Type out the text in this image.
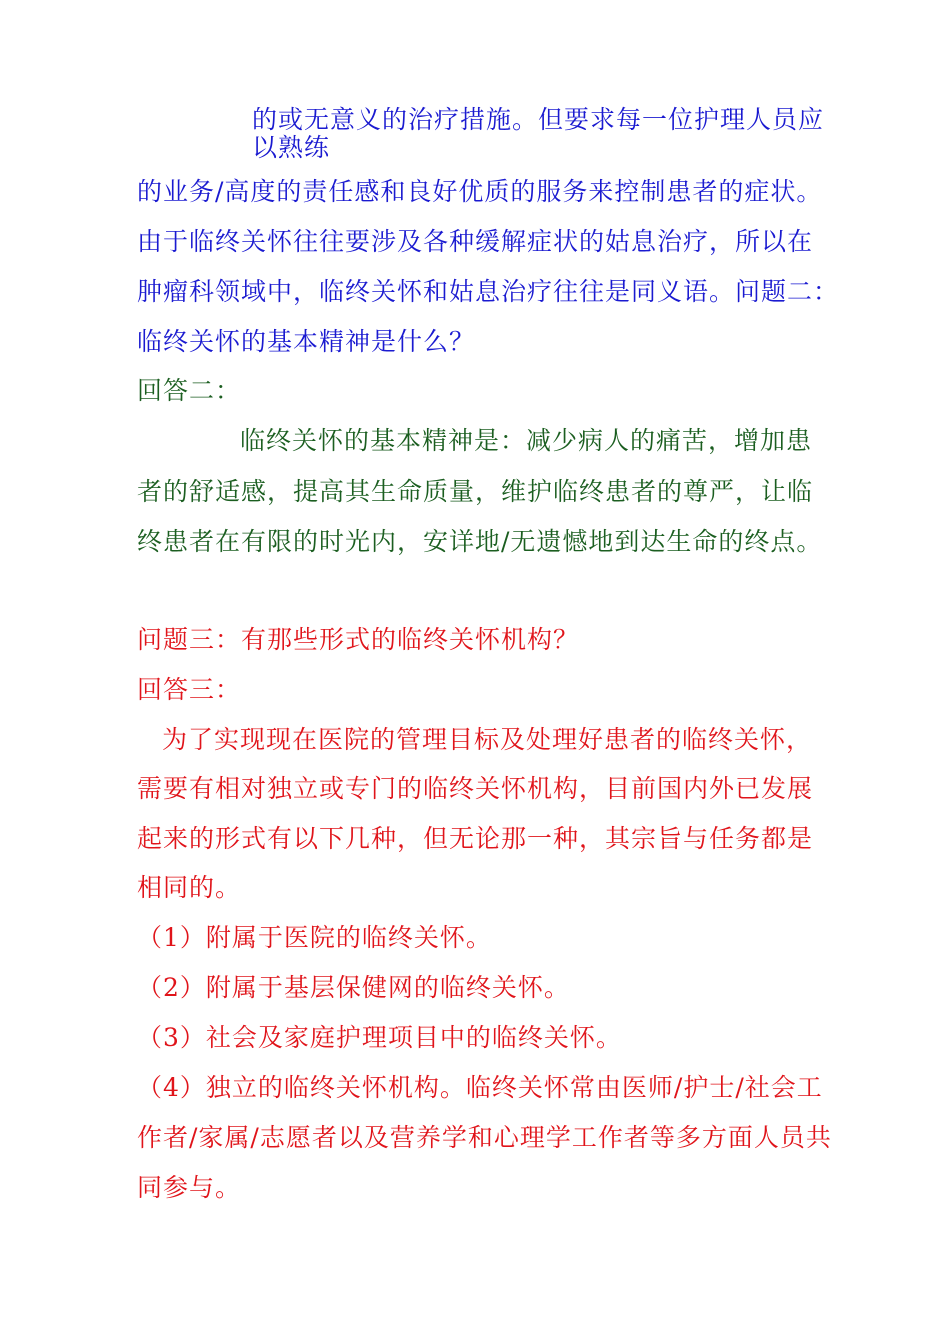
的或无意义的治疗措施。但要求每一位护理人员应
以熟练
的业务/高度的责任感和良好优质的服务来控制患者的症状。
由于临终关怀往往要涉及各种缓解症状的姑息治疗，所以在
肿瘤科领域中，临终关怀和姑息治疗往往是同义语。问题二：
临终关怀的基本精神是什么？
回答二：
临终关怀的基本精神是：减少病人的痛苦，增加患
者的舒适感，提高其生命质量，维护临终患者的尊严，让临
终患者在有限的时光内，安详地/无遗憾地到达生命的终点。
问题三：有那些形式的临终关怀机构？
回答三：
为了实现现在医院的管理目标及处理好患者的临终关怀，
需要有相对独立或专门的临终关怀机构，目前国内外已发展
起来的形式有以下几种，但无论那一种，其宗旨与任务都是
相同的。
（1）附属于医院的临终关怀。
（2）附属于基层保健网的临终关怀。
（3）社会及家庭护理项目中的临终关怀。
（4）独立的临终关怀机构。临终关怀常由医师/护士/社会工
作者/家属/志愿者以及营养学和心理学工作者等多方面人员共
同参与。
